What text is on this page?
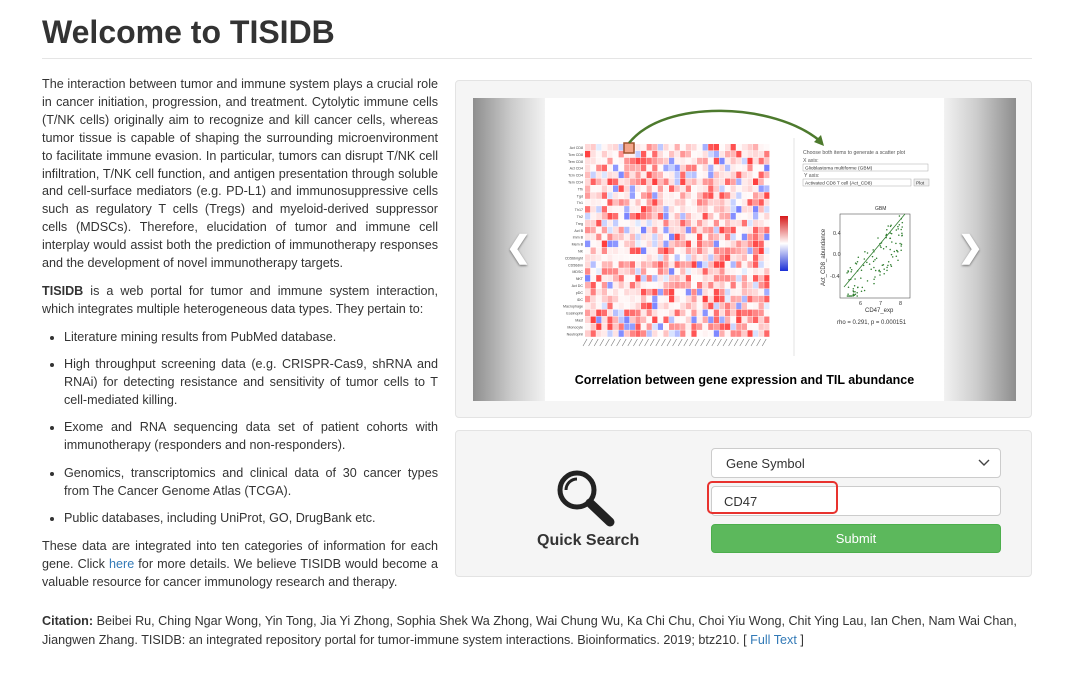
Welcome to TISIDB

The interaction between tumor and immune system plays a crucial role in cancer initiation, progression, and treatment. Cytolytic immune cells (T/NK cells) originally aim to recognize and kill cancer cells, whereas tumor tissue is capable of shaping the surrounding microenvironment to facilitate immune evasion. In particular, tumors can disrupt T/NK cell infiltration, T/NK cell function, and antigen presentation through soluble and cell-surface mediators (e.g. PD-L1) and immunosuppressive cells such as regulatory T cells (Tregs) and myeloid-derived suppressor cells (MDSCs). Therefore, elucidation of tumor and immune cell interplay would assist both the prediction of immunotherapy responses and the development of novel immunotherapy targets.

TISIDB is a web portal for tumor and immune system interaction, which integrates multiple heterogeneous data types. They pertain to:

• Literature mining results from PubMed database.
• High throughput screening data (e.g. CRISPR-Cas9, shRNA and RNAi) for detecting resistance and sensitivity of tumor cells to T cell-mediated killing.
• Exome and RNA sequencing data set of patient cohorts with immunotherapy (responders and non-responders).
• Genomics, transcriptomics and clinical data of 30 cancer types from The Cancer Genome Atlas (TCGA).
• Public databases, including UniProt, GO, DrugBank etc.

These data are integrated into ten categories of information for each gene. Click here for more details. We believe TISIDB would become a valuable resource for cancer immunology research and therapy.

❮	❯
Act CD8
Tcm CD8
Tem CD8
Act CD4
Tcm CD4
Tem CD4
Tfh
Tgd
Th1
Th17
Th2
Treg
Act B
Imm B
Mem B
NK
CD56bright
CD56dim
MDSC
NKT
Act DC
pDC
iDC
Macrophage
Eosinophil
Mast
Monocyte
Neutrophil
Choose both items to generate a scatter plot
X axis:
Glioblastoma multiforme (GBM)
Y axis:
Activated CD8 T cell (Act_CD8)	Plot
GBM
0.4
0.0
-0.4
6	7	8
CD47_exp
Act_CD8_abundance
rho = 0.291, p = 0.000151
Correlation between gene expression and TIL abundance
Quick Search
Gene Symbol
CD47
Submit
Citation: Beibei Ru, Ching Ngar Wong, Yin Tong, Jia Yi Zhong, Sophia Shek Wa Zhong, Wai Chung Wu, Ka Chi Chu, Choi Yiu Wong, Chit Ying Lau, Ian Chen, Nam Wai Chan, Jiangwen Zhang. TISIDB: an integrated repository portal for tumor-immune system interactions. Bioinformatics. 2019; btz210. [ Full Text ]
